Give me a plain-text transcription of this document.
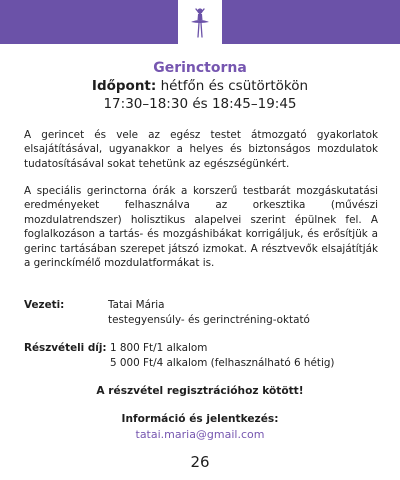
Gerinctorna
Időpont: hétfőn és csütörtökön
17:30–18:30 és 18:45–19:45

A gerincet és vele az egész testet átmozgató gyakorlatok elsajátításával, ugyanakkor a helyes és biztonságos mozdulatok tudatosításával sokat tehetünk az egészségünkért.

A speciális gerinctorna órák a korszerű testbarát mozgáskutatási eredményeket felhasználva az orkesztika (művészi mozdulatrendszer) holisztikus alapelvei szerint épülnek fel. A foglalkozáson a tartás- és mozgáshibákat korrigáljuk, és erősítjük a gerinc tartásában szerepet játszó izmokat. A résztvevők elsajátítják a gerinckímélő mozdulatformákat is.

Vezeti:	Tatai Mária
testegyensúly- és gerinctréning-oktató
Részvételi díj: 1 800 Ft/1 alkalom
5 000 Ft/4 alkalom (felhasználható 6 hétig)
A részvétel regisztrációhoz kötött!
Információ és jelentkezés:
tatai.maria@gmail.com
26
